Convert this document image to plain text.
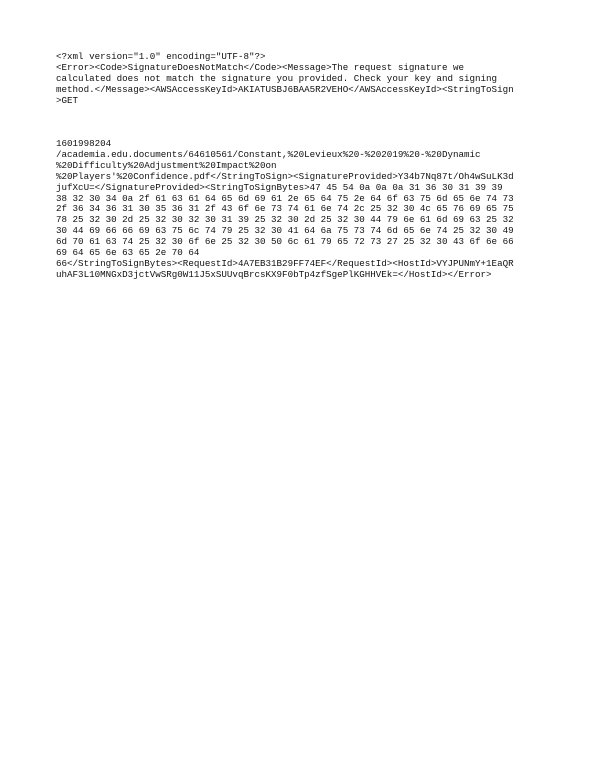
<?xml version="1.0" encoding="UTF-8"?>
<Error><Code>SignatureDoesNotMatch</Code><Message>The request signature we
calculated does not match the signature you provided. Check your key and signing
method.</Message><AWSAccessKeyId>AKIATUSBJ6BAA5R2VEHO</AWSAccessKeyId><StringToSign
>GET
1601998204
/academia.edu.documents/64610561/Constant,%20Levieux%20-%202019%20-%20Dynamic
%20Difficulty%20Adjustment%20Impact%20on
%20Players'%20Confidence.pdf</StringToSign><SignatureProvided>Y34b7Nq87t/Oh4wSuLK3d
jufXcU=</SignatureProvided><StringToSignBytes>47 45 54 0a 0a 0a 31 36 30 31 39 39
38 32 30 34 0a 2f 61 63 61 64 65 6d 69 61 2e 65 64 75 2e 64 6f 63 75 6d 65 6e 74 73
2f 36 34 36 31 30 35 36 31 2f 43 6f 6e 73 74 61 6e 74 2c 25 32 30 4c 65 76 69 65 75
78 25 32 30 2d 25 32 30 32 30 31 39 25 32 30 2d 25 32 30 44 79 6e 61 6d 69 63 25 32
30 44 69 66 66 69 63 75 6c 74 79 25 32 30 41 64 6a 75 73 74 6d 65 6e 74 25 32 30 49
6d 70 61 63 74 25 32 30 6f 6e 25 32 30 50 6c 61 79 65 72 73 27 25 32 30 43 6f 6e 66
69 64 65 6e 63 65 2e 70 64
66</StringToSignBytes><RequestId>4A7EB31B29FF74EF</RequestId><HostId>VYJPUNmY+1EaQR
uhAF3L10MNGxD3jctVwSRg0W11J5xSUUvqBrcsKX9F0bTp4zfSgePlKGHHVEk=</HostId></Error>
